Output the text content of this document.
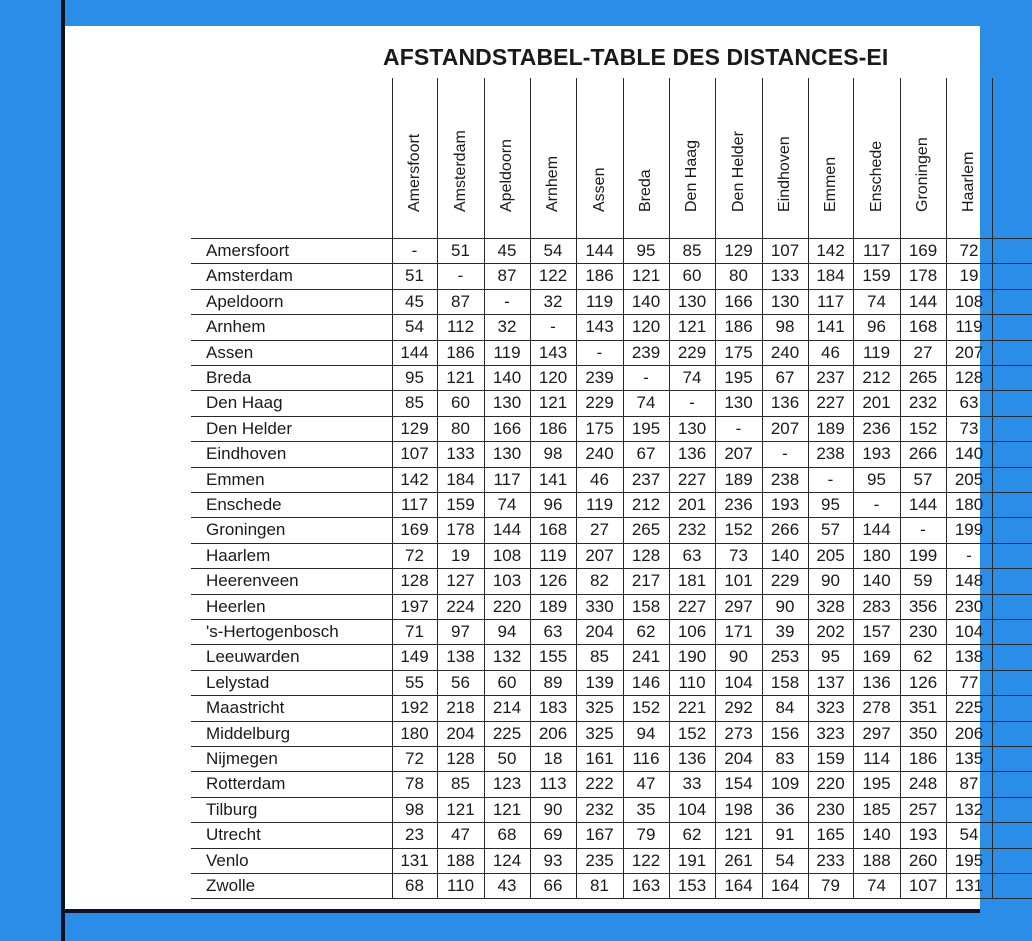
AFSTANDSTABEL-TABLE DES DISTANCES-EI
Amersfoort Amsterdam Apeldoorn Arnhem Assen Breda Den Haag Den Helder Eindhoven Emmen Enschede Groningen Haarlem
Amersfoort	-	51	45	54	144	95	85	129	107	142	117	169	72
Amsterdam	51	-	87	122	186	121	60	80	133	184	159	178	19
Apeldoorn	45	87	-	32	119	140	130	166	130	117	74	144	108
Arnhem	54	112	32	-	143	120	121	186	98	141	96	168	119
Assen	144	186	119	143	-	239	229	175	240	46	119	27	207
Breda	95	121	140	120	239	-	74	195	67	237	212	265	128
Den Haag	85	60	130	121	229	74	-	130	136	227	201	232	63
Den Helder	129	80	166	186	175	195	130	-	207	189	236	152	73
Eindhoven	107	133	130	98	240	67	136	207	-	238	193	266	140
Emmen	142	184	117	141	46	237	227	189	238	-	95	57	205
Enschede	117	159	74	96	119	212	201	236	193	95	-	144	180
Groningen	169	178	144	168	27	265	232	152	266	57	144	-	199
Haarlem	72	19	108	119	207	128	63	73	140	205	180	199	-
Heerenveen	128	127	103	126	82	217	181	101	229	90	140	59	148
Heerlen	197	224	220	189	330	158	227	297	90	328	283	356	230
's-Hertogenbosch	71	97	94	63	204	62	106	171	39	202	157	230	104
Leeuwarden	149	138	132	155	85	241	190	90	253	95	169	62	138
Lelystad	55	56	60	89	139	146	110	104	158	137	136	126	77
Maastricht	192	218	214	183	325	152	221	292	84	323	278	351	225
Middelburg	180	204	225	206	325	94	152	273	156	323	297	350	206
Nijmegen	72	128	50	18	161	116	136	204	83	159	114	186	135
Rotterdam	78	85	123	113	222	47	33	154	109	220	195	248	87
Tilburg	98	121	121	90	232	35	104	198	36	230	185	257	132
Utrecht	23	47	68	69	167	79	62	121	91	165	140	193	54
Venlo	131	188	124	93	235	122	191	261	54	233	188	260	195
Zwolle	68	110	43	66	81	163	153	164	164	79	74	107	131
